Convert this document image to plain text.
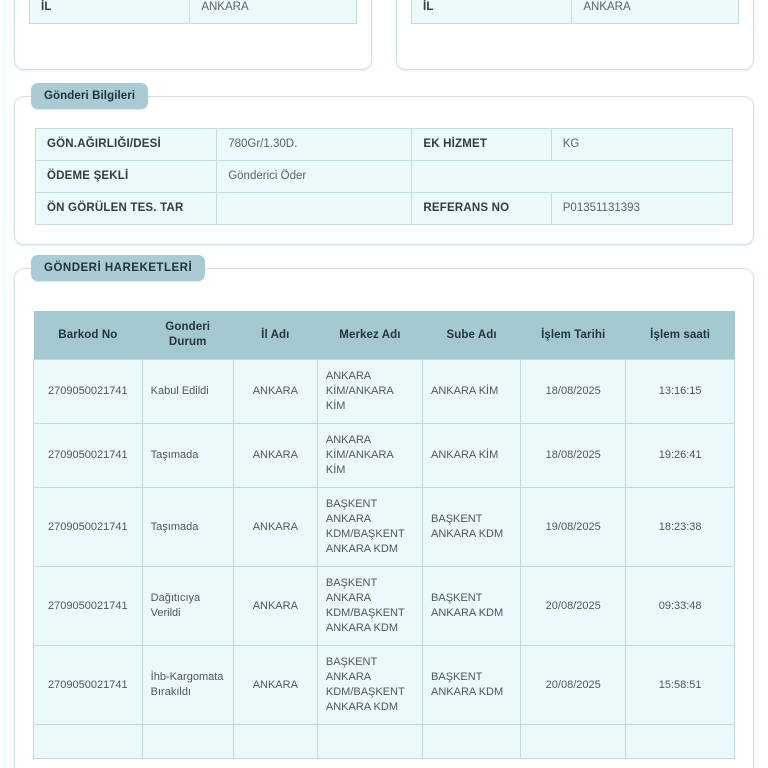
İL	ANKARA
		İL	ANKARA
Gönderi Bilgileri
GÖN.AĞIRLIĞI/DESİ	780Gr/1.30D.	EK HİZMET	KG
ÖDEME ŞEKLİ	Gönderici Öder		
ÖN GÖRÜLEN TES. TAR		REFERANS NO	P01351131393
GÖNDERİ HAREKETLERİ
Barkod No	Gonderi Durum	İl Adı	Merkez Adı	Sube Adı	İşlem Tarihi	İşlem saati
2709050021741	Kabul Edildi	ANKARA	ANKARA KİM/ANKARA KİM	ANKARA KİM	18/08/2025	13:16:15
2709050021741	Taşımada	ANKARA	ANKARA KİM/ANKARA KİM	ANKARA KİM	18/08/2025	19:26:41
2709050021741	Taşımada	ANKARA	BAŞKENT ANKARA KDM/BAŞKENT ANKARA KDM	BAŞKENT ANKARA KDM	19/08/2025	18:23:38
2709050021741	Dağıtıcıya Verildi	ANKARA	BAŞKENT ANKARA KDM/BAŞKENT ANKARA KDM	BAŞKENT ANKARA KDM	20/08/2025	09:33:48
2709050021741	İhb-Kargomata Bırakıldı	ANKARA	BAŞKENT ANKARA KDM/BAŞKENT ANKARA KDM	BAŞKENT ANKARA KDM	20/08/2025	15:58:51
